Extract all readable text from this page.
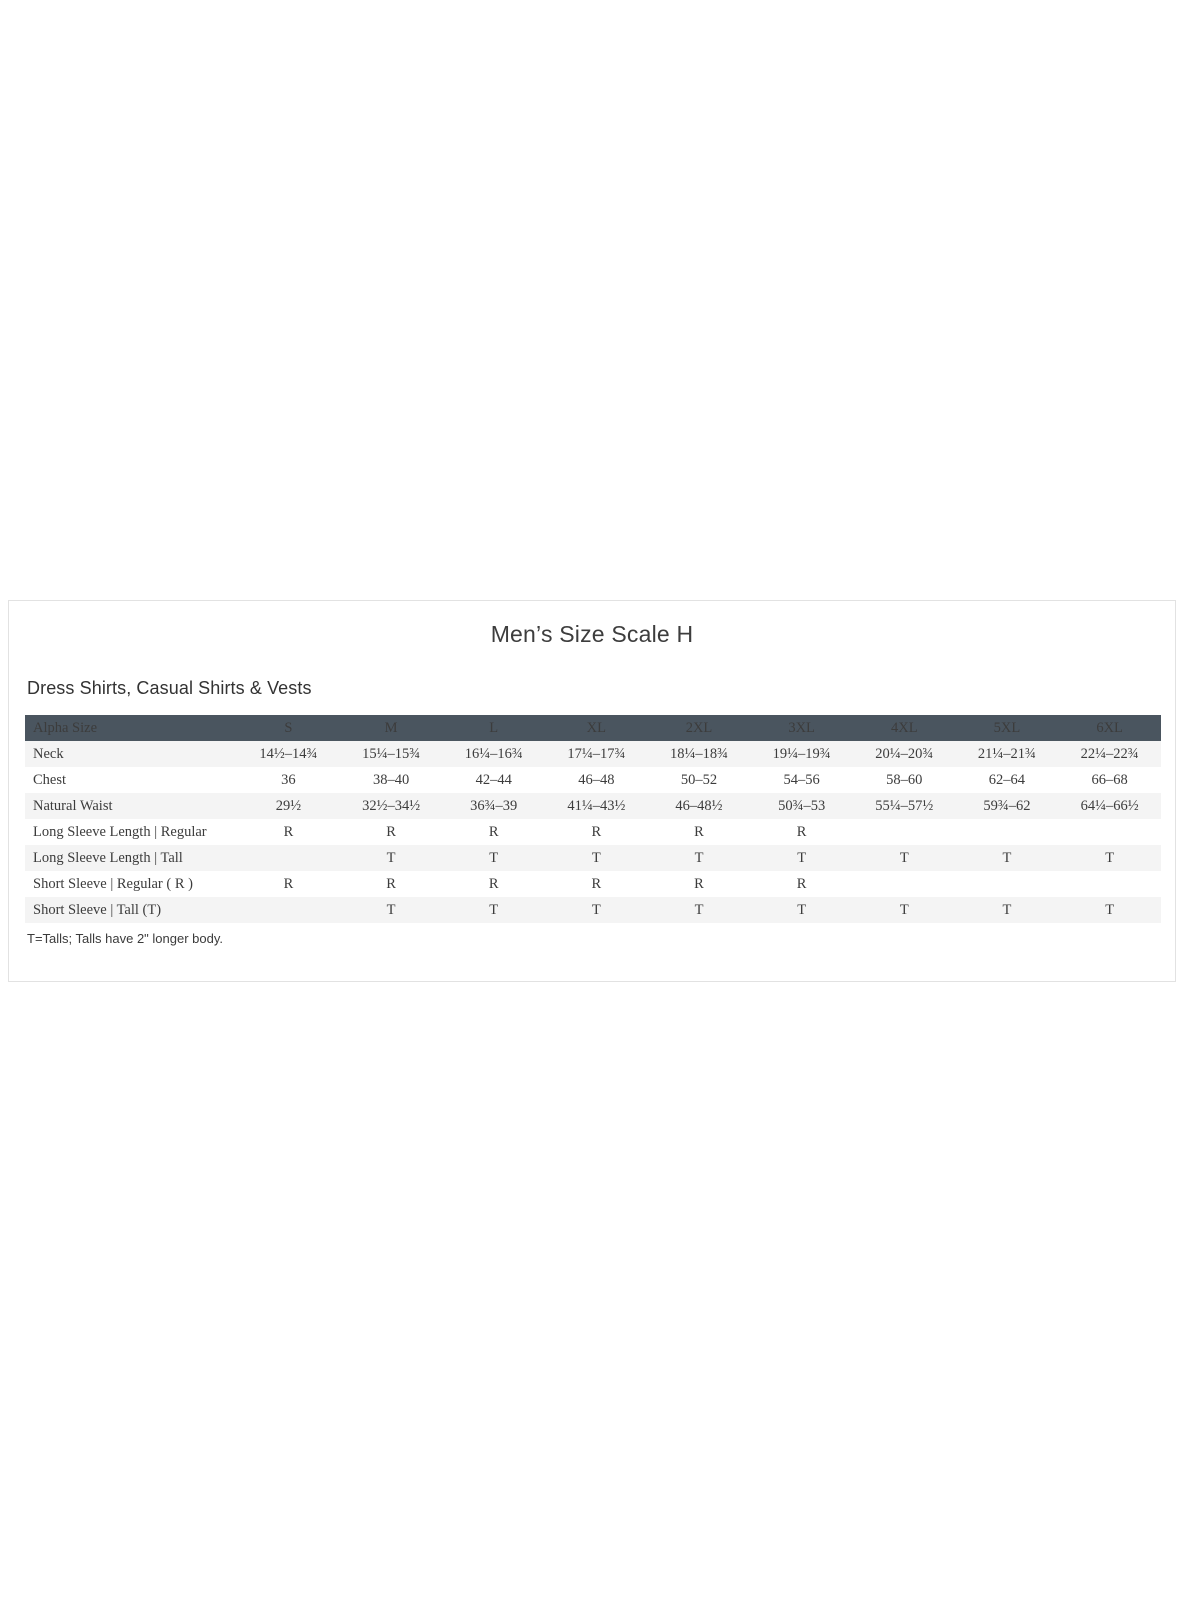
Men’s Size Scale H
Dress Shirts, Casual Shirts & Vests
Alpha Size	S	M	L	XL	2XL	3XL	4XL	5XL	6XL
Neck	14½–14¾	15¼–15¾	16¼–16¾	17¼–17¾	18¼–18¾	19¼–19¾	20¼–20¾	21¼–21¾	22¼–22¾
Chest	36	38–40	42–44	46–48	50–52	54–56	58–60	62–64	66–68
Natural Waist	29½	32½–34½	36¾–39	41¼–43½	46–48½	50¾–53	55¼–57½	59¾–62	64¼–66½
Long Sleeve Length | Regular	R	R	R	R	R	R			
Long Sleeve Length | Tall		T	T	T	T	T	T	T	T
Short Sleeve | Regular ( R )	R	R	R	R	R	R			
Short Sleeve | Tall (T)		T	T	T	T	T	T	T	T
T=Talls; Talls have 2" longer body.
